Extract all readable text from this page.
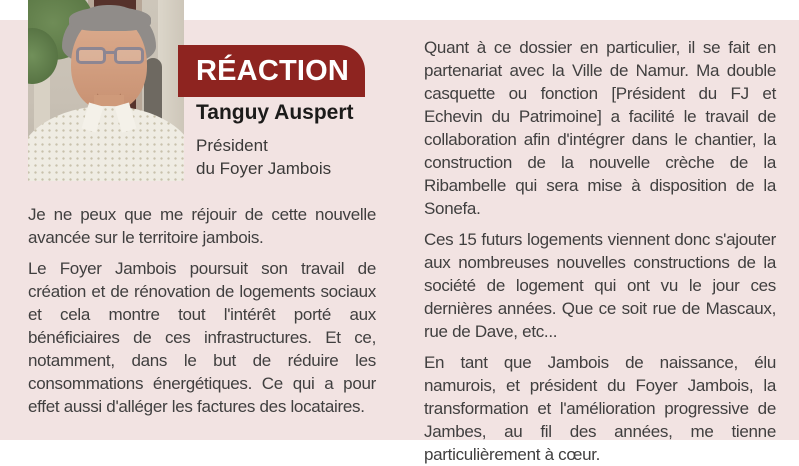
RÉACTION
Tanguy Auspert
Président
du Foyer Jambois

Je ne peux que me réjouir de cette nouvelle avancée sur le territoire jambois.

Le Foyer Jambois poursuit son travail de création et de rénovation de logements sociaux et cela montre tout l'intérêt porté aux bénéficiaires de ces infrastructures. Et ce, notamment, dans le but de réduire les consommations énergétiques. Ce qui a pour effet aussi d'alléger les factures des locataires.

Quant à ce dossier en particulier, il se fait en partenariat avec la Ville de Namur. Ma double casquette ou fonction [Président du FJ et Echevin du Patrimoine] a facilité le travail de collaboration afin d'intégrer dans le chantier, la construction de la nouvelle crèche de la Ribambelle qui sera mise à disposition de la Sonefa.

Ces 15 futurs logements viennent donc s'ajouter aux nombreuses nouvelles constructions de la société de logement qui ont vu le jour ces dernières années. Que ce soit rue de Mascaux, rue de Dave, etc...

En tant que Jambois de naissance, élu namurois, et président du Foyer Jambois, la transformation et l'amélioration progressive de Jambes, au fil des années, me tienne particulièrement à cœur.
